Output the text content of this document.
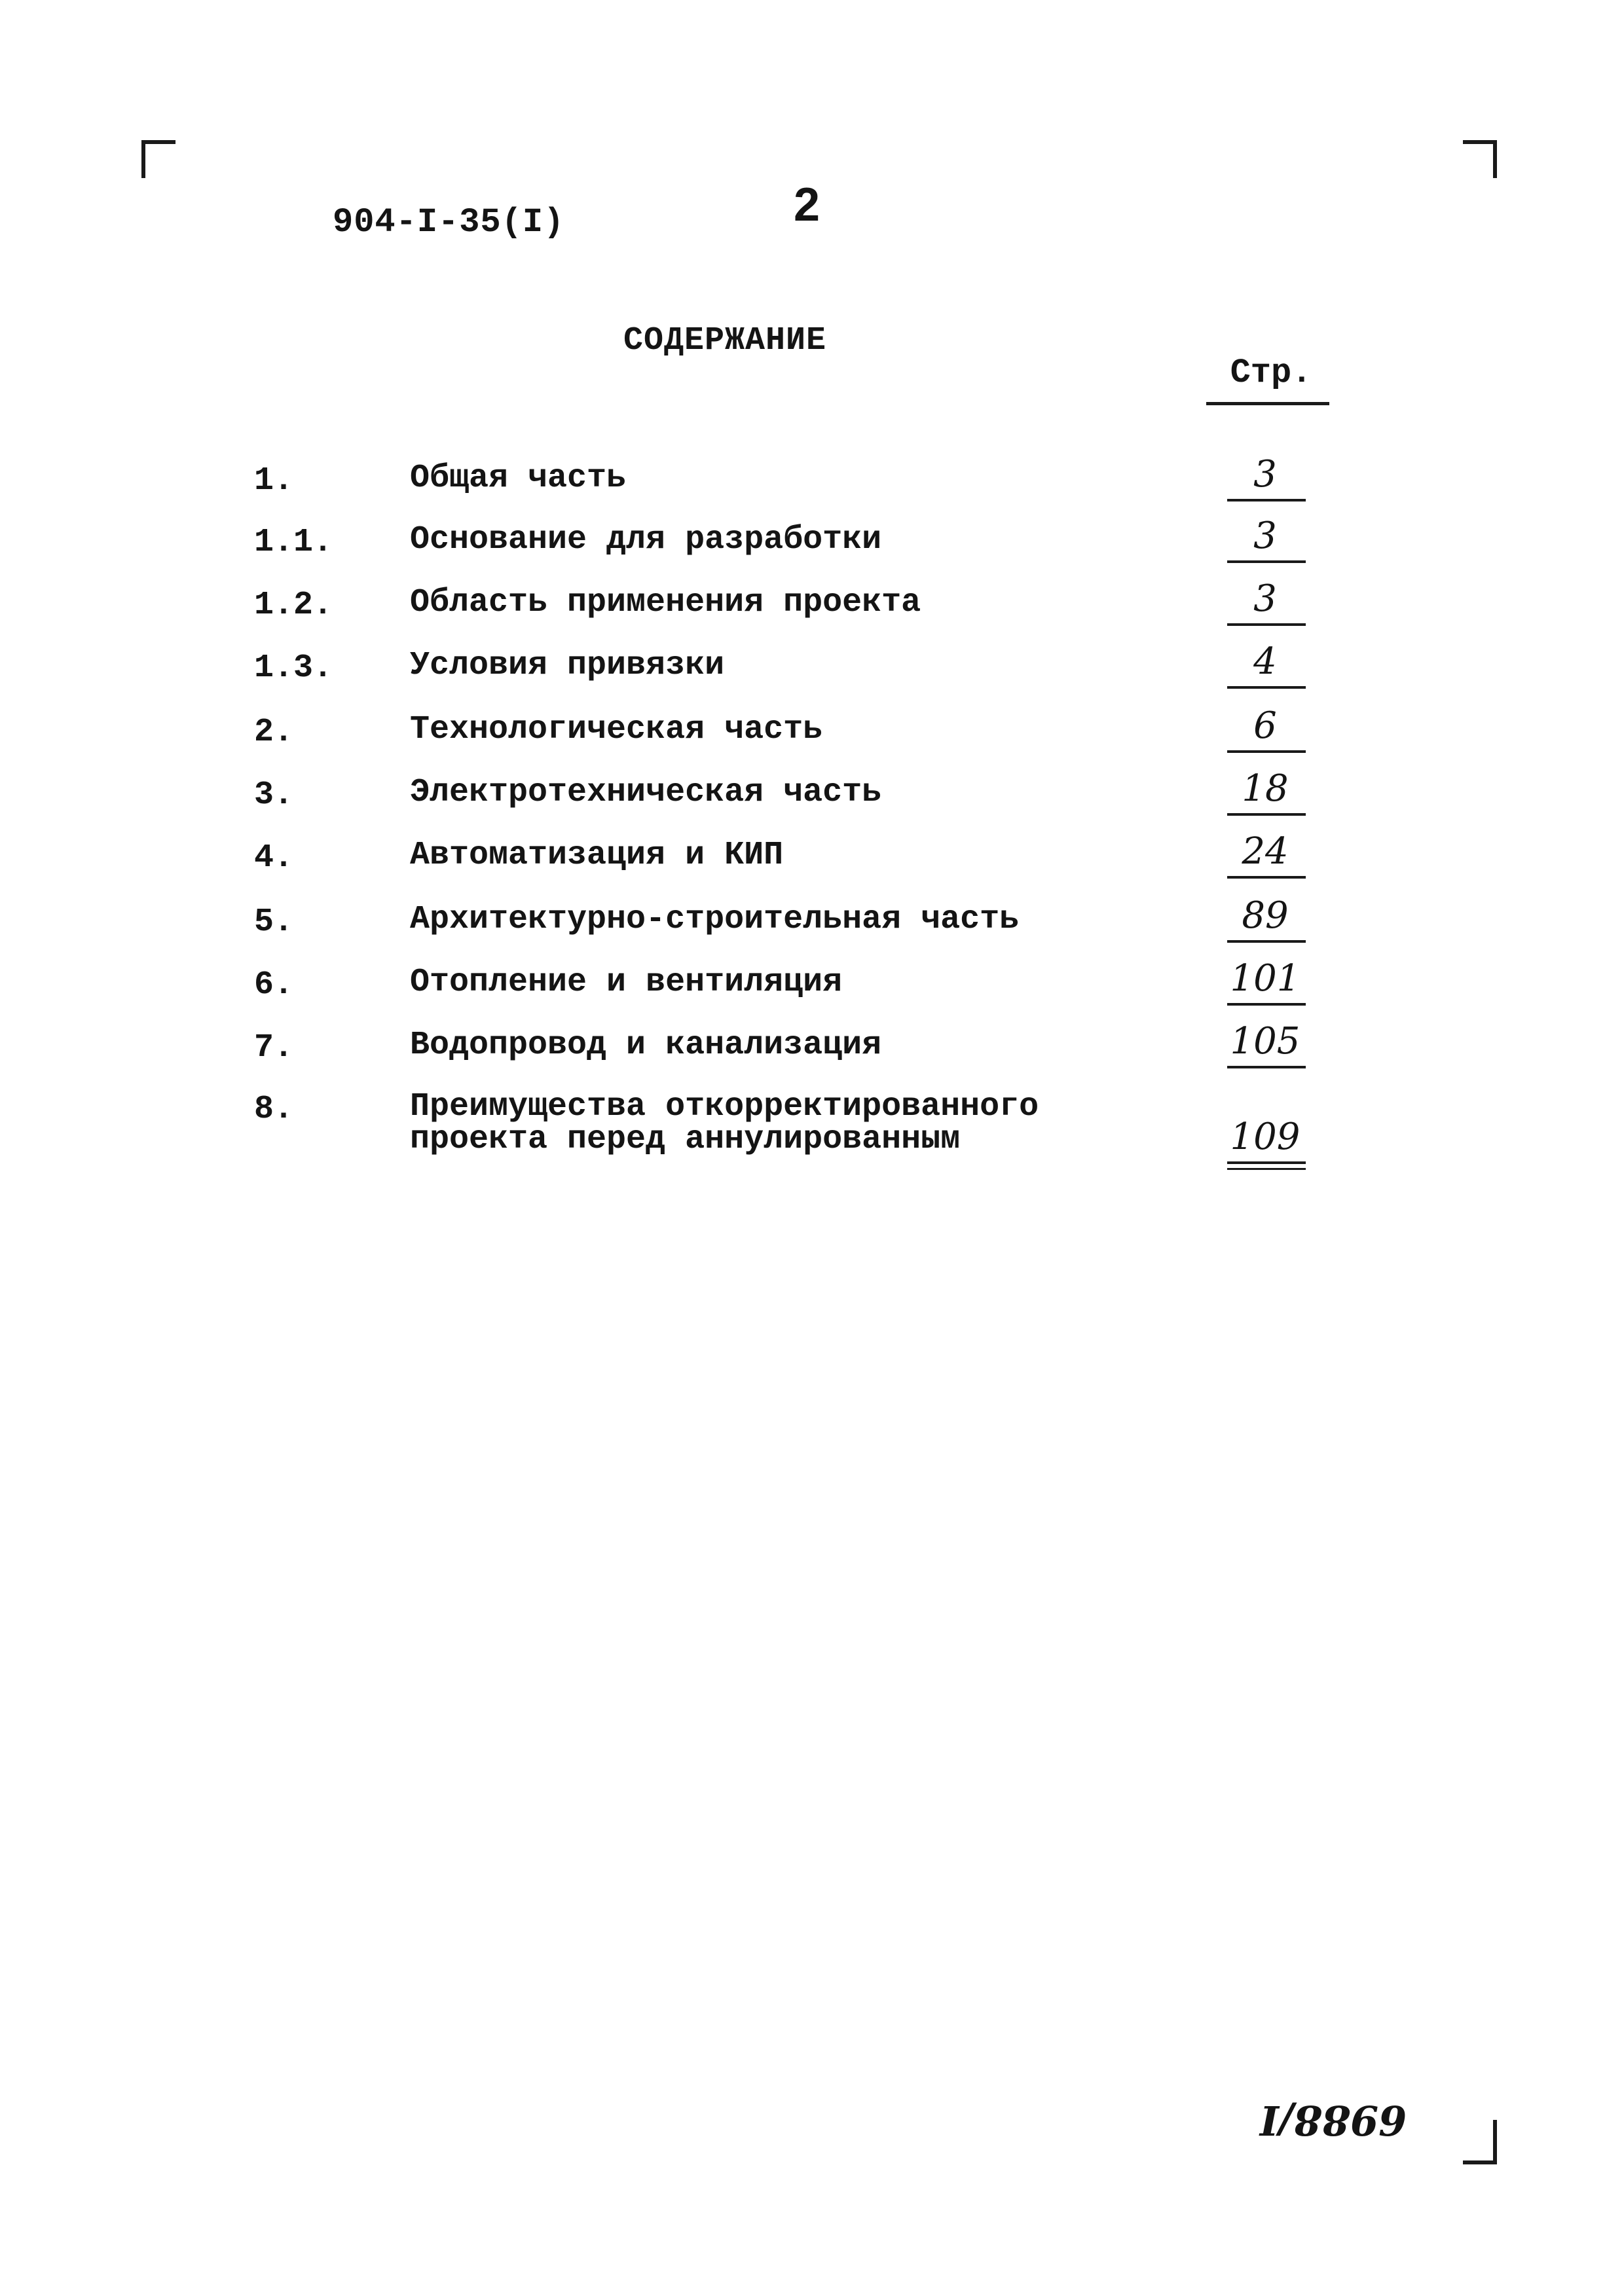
904-I-35(I)	2
СОДЕРЖАНИЕ
Стр.
1.	Общая часть	3
1.1. Основание для разработки	3
1.2. Область применения проекта	3
1.3. Условия привязки	4
2.	Технологическая часть	6
3.	Электротехническая часть	18
4.	Автоматизация и КИП	24
5.	Архитектурно-строительная часть	89
6.	Отопление и вентиляция	101
7.	Водопровод и канализация	105
8.	Преимущества откорректированного
проекта перед аннулированным	109
6988/I
